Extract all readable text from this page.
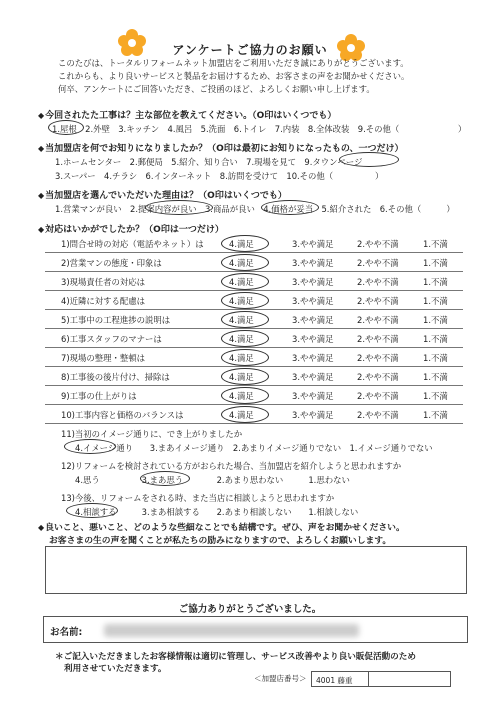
アンケートご協力のお願い
このたびは、トータルリフォームネット加盟店をご利用いただき誠にありがとうございます。
これからも、より良いサービスと製品をお届けするため、お客さまの声をお聞かせください。
何卒、アンケートにご回答いただき、ご投函のほど、よろしくお願い申し上げます。
◆今回されたた工事は？主な部位を教えてください。（O印はいくつでも）
1.屋根　2.外壁　3.キッチン　4.風呂　5.洗面　6.トイレ　7.内装　8.全体改装　9.その他（　　　　　　　）
◆当加盟店を何でお知りになりましたか？（O印は最初にお知りになったもの、一つだけ）
1.ホームセンター　2.郵便局　5.紹介、知り合い　7.現場を見て　9.タウンページ
3.スーパー　4.チラシ　6.インターネット　8.訪問を受けて　10.その他（　　　　　）
◆当加盟店を選んでいただいた理由は？（O印はいくつでも）
1.営業マンが良い　2.提案内容が良い　3.商品が良い　4.価格が妥当　5.紹介された　6.その他（　　　）
◆対応はいかがでしたか？（O印は一つだけ）
1)問合せ時の対応（電話やネット）は	4.満足	3.やや満足	2.やや不満	1.不満
2)営業マンの態度・印象は	4.満足	3.やや満足	2.やや不満	1.不満
3)現場責任者の対応は	4.満足	3.やや満足	2.やや不満	1.不満
4)近隣に対する配慮は	4.満足	3.やや満足	2.やや不満	1.不満
5)工事中の工程進捗の説明は	4.満足	3.やや満足	2.やや不満	1.不満
6)工事スタッフのマナーは	4.満足	3.やや満足	2.やや不満	1.不満
7)現場の整理・整頓は	4.満足	3.やや満足	2.やや不満	1.不満
8)工事後の後片付け、掃除は	4.満足	3.やや満足	2.やや不満	1.不満
9)工事の仕上がりは	4.満足	3.やや満足	2.やや不満	1.不満
10)工事内容と価格のバランスは	4.満足	3.やや満足	2.やや不満	1.不満
11)当初のイメージ通りに、でき上がりましたか
4.イメージ通り　　3.まあイメージ通り　2.あまりイメージ通りでない　1.イメージ通りでない
12)リフォームを検討されている方がおられた場合、当加盟店を紹介しようと思われますか
4.思う　　　　　3.まあ思う　　　　2.あまり思わない　　　1.思わない
13)今後、リフォームをされる時、また当店に相談しようと思われますか
4.相談する　　　3.まあ相談する　　2.あまり相談しない　　1.相談しない
◆良いこと、悪いこと、どのような些細なことでも結構です。ぜひ、声をお聞かせください。
お客さまの生の声を聞くことが私たちの励みになりますので、よろしくお願いします。
ご協力ありがとうございました。
お名前:
＊ご記入いただきましたお客様情報は適切に管理し、サービス改善やより良い販促活動のため
利用させていただきます。
＜加盟店番号＞ 4001 藤重
